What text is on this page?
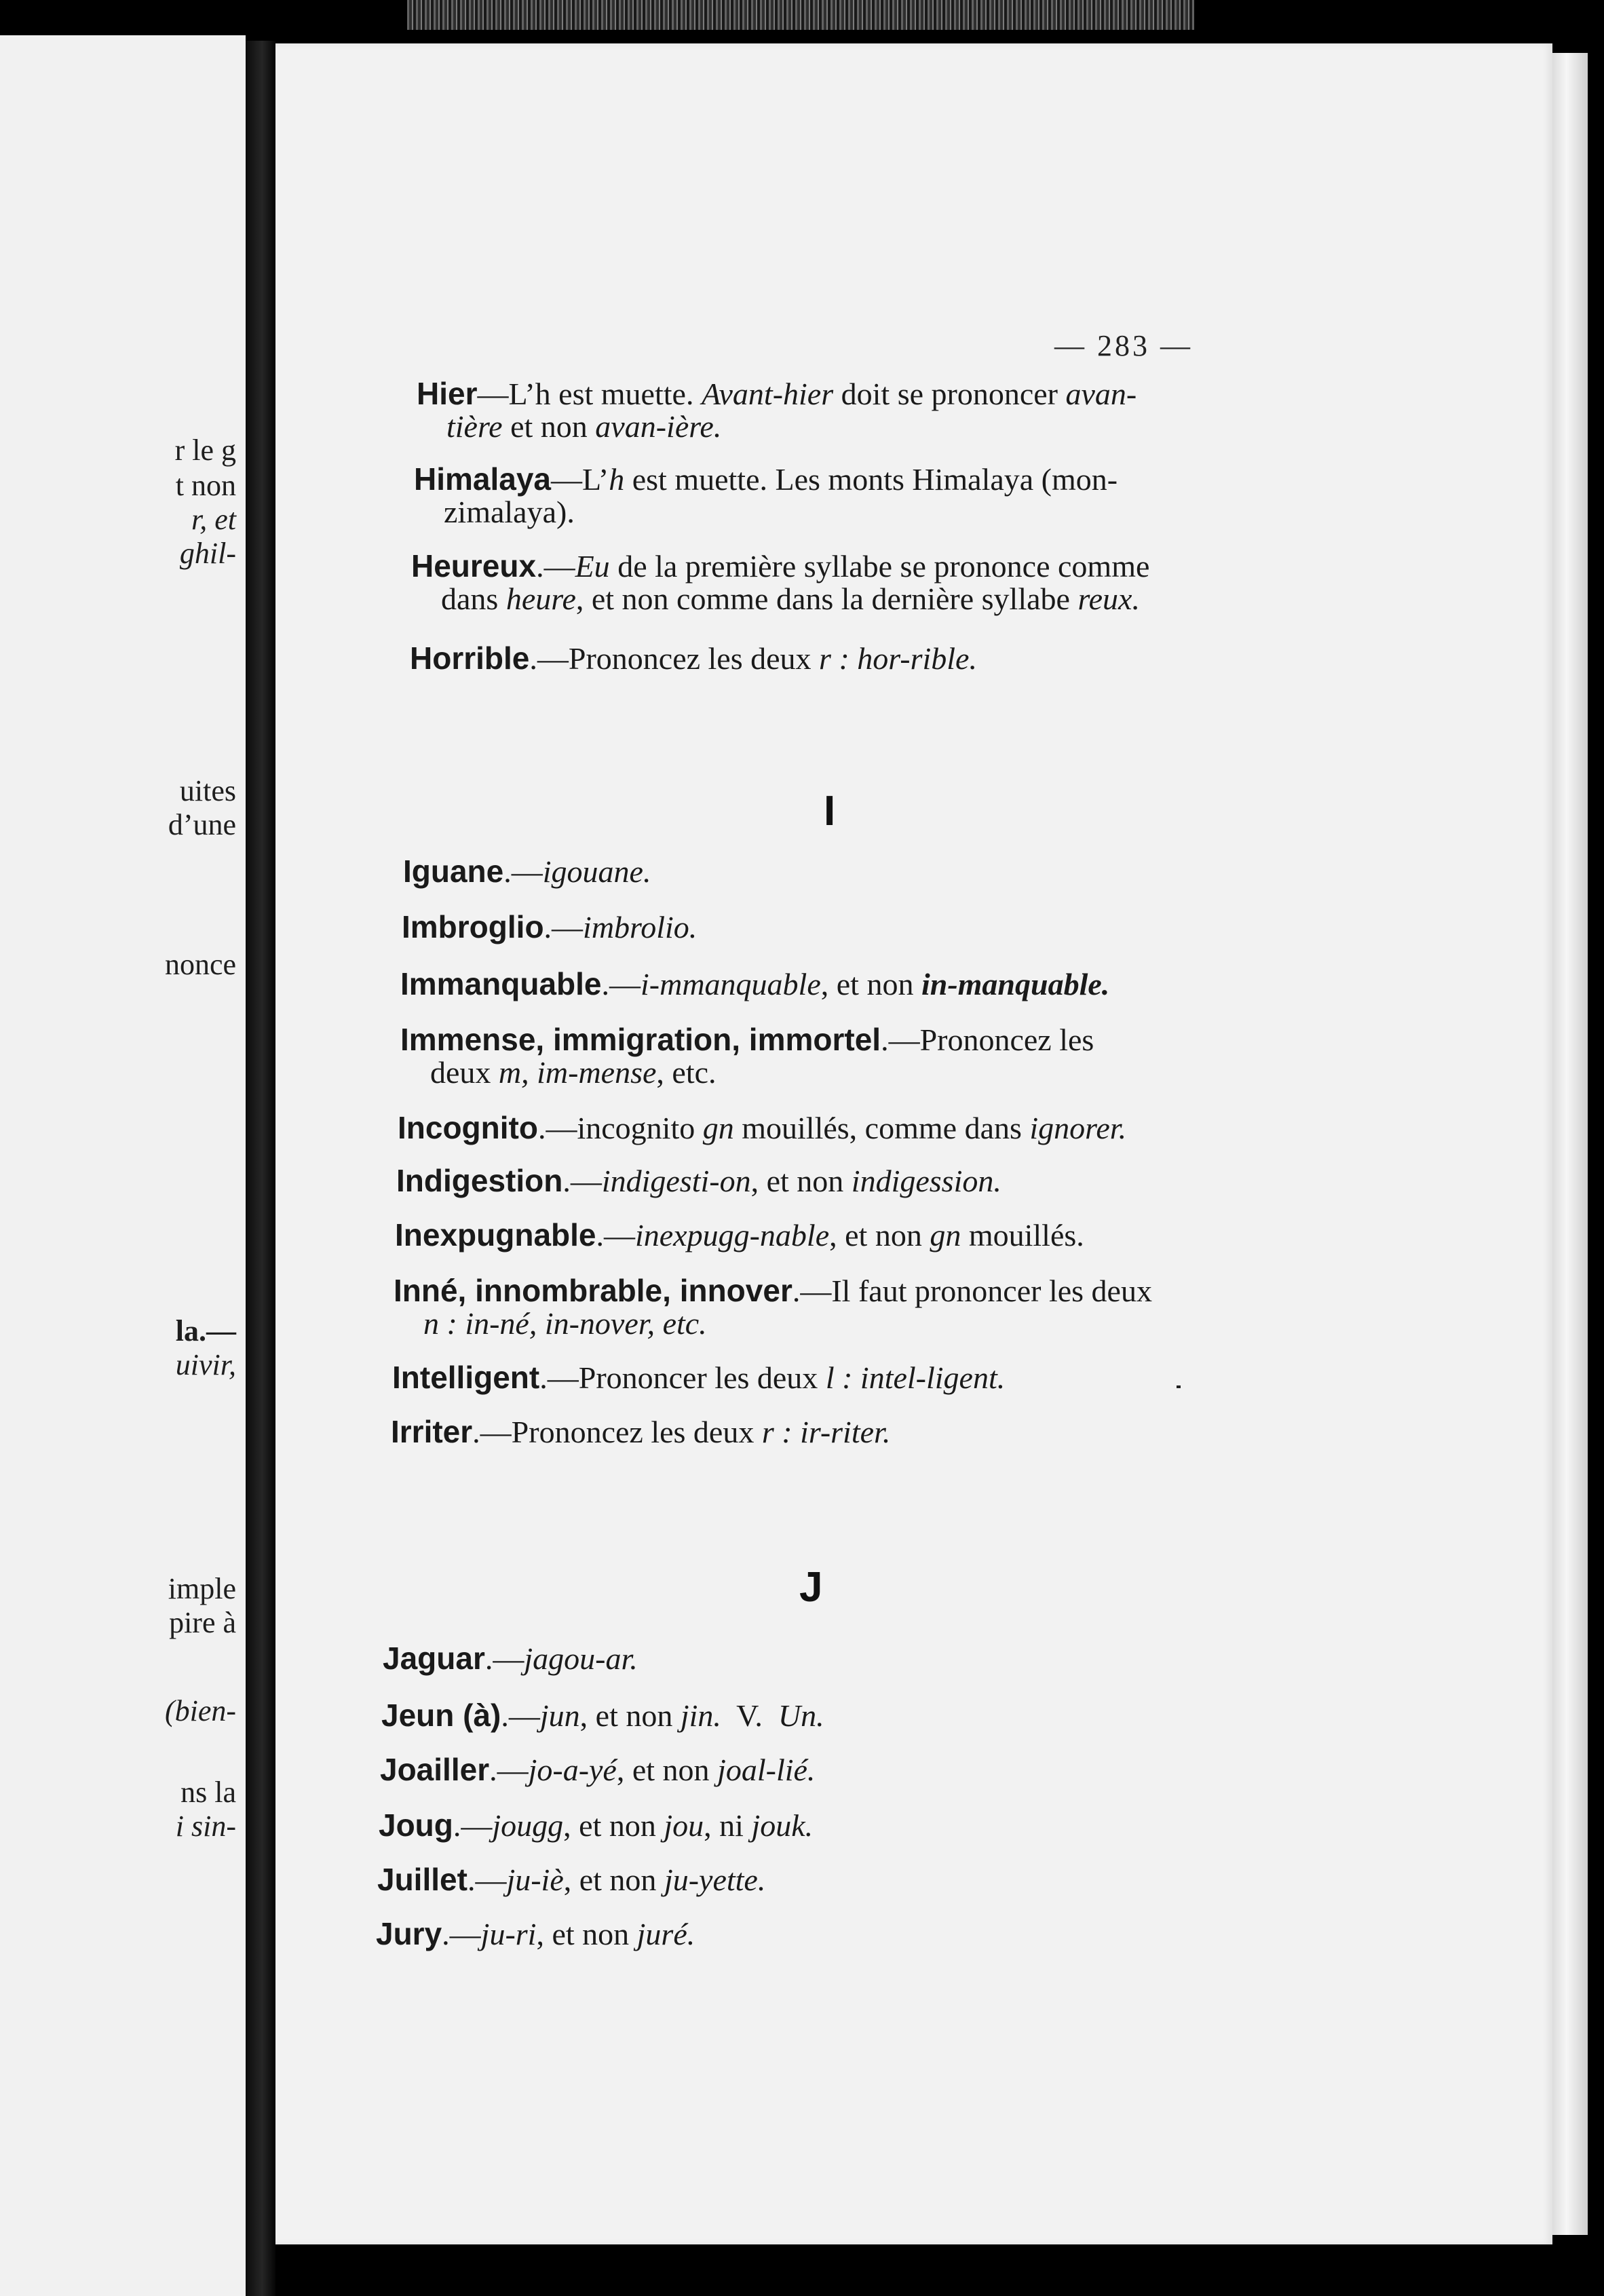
r le g
t non
r, et
ghil-
uites
d’une
nonce
la.—
uivir,
imple
pire à
(bien-
ns la
i sin-
— 283 —
Hier—L’h est muette. Avant-hier doit se prononcer avan-
tière et non avan-ière.
Himalaya—L’h est muette. Les monts Himalaya (mon-
zimalaya).
Heureux.—Eu de la première syllabe se prononce comme
dans heure, et non comme dans la dernière syllabe reux.
Horrible.—Prononcez les deux r : hor-rible.
I
Iguane.—igouane.
Imbroglio.—imbrolio.
Immanquable.—i-mmanquable, et non in-manquable.
Immense, immigration, immortel.—Prononcez les
deux m, im-mense, etc.
Incognito.—incognito gn mouillés, comme dans ignorer.
Indigestion.—indigesti-on, et non indigession.
Inexpugnable.—inexpugg-nable, et non gn mouillés.
Inné, innombrable, innover.—Il faut prononcer les deux
n : in-né, in-nover, etc.
Intelligent.—Prononcer les deux l : intel-ligent.
Irriter.—Prononcez les deux r : ir-riter.
J
Jaguar.—jagou-ar.
Jeun (à).—jun, et non jin.  V.  Un.
Joailler.—jo-a-yé, et non joal-lié.
Joug.—jougg, et non jou, ni jouk.
Juillet.—ju-iè, et non ju-yette.
Jury.—ju-ri, et non juré.
